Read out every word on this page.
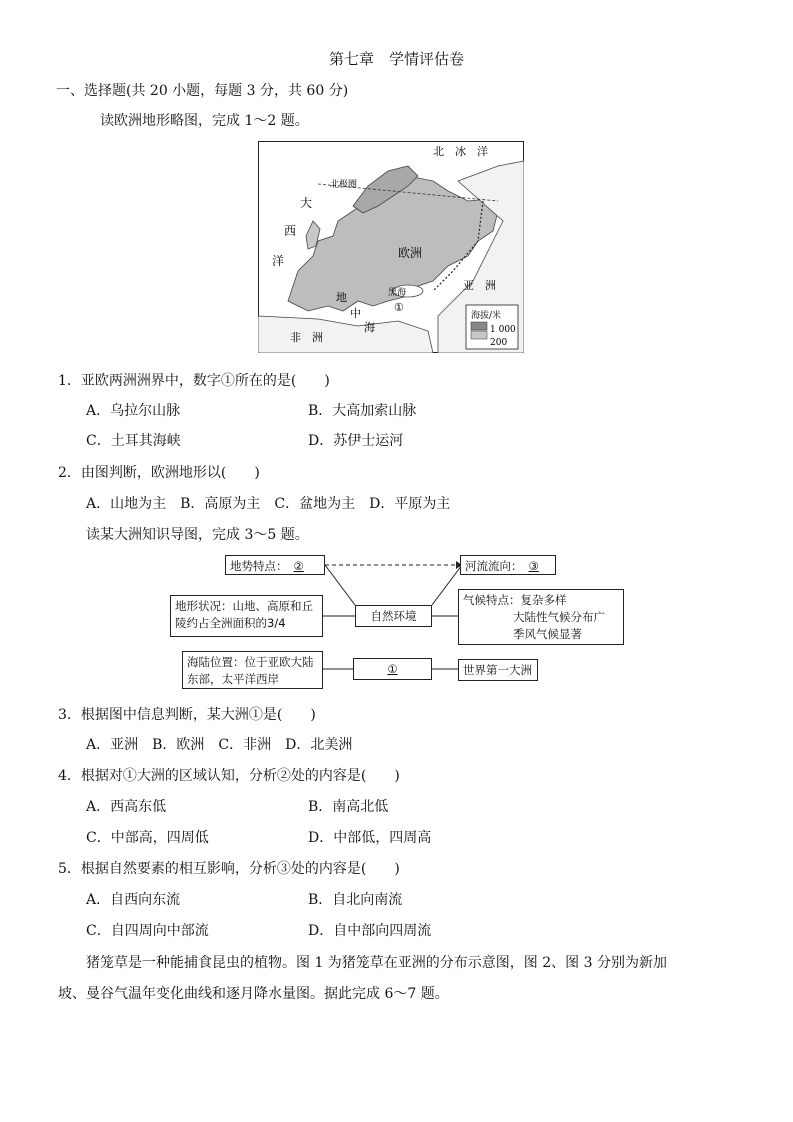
第七章　学情评估卷
一、选择题(共 20 小题，每题 3 分，共 60 分)
读欧洲地形略图，完成 1～2 题。
北　冰　洋
北极圈
大
西
洋
欧洲
亚　洲
黑海
地
中
海
非　洲
①
海拔/米
1 000
200
1．亚欧两洲洲界中，数字①所在的是(　　)
A．乌拉尔山脉	B．大高加索山脉
C．土耳其海峡	D．苏伊士运河
2．由图判断，欧洲地形以(　　)
A．山地为主　B．高原为主　C．盆地为主　D．平原为主
读某大洲知识导图，完成 3～5 题。
地势特点： ②	河流流向： ③
地形状况：山地、高原和丘陵约占全洲面积的3/4	自然环境
气候特点：复杂多样
大陆性气候分布广
季风气候显著
海陆位置：位于亚欧大陆东部，太平洋西岸
①	世界第一大洲
3．根据图中信息判断，某大洲①是(　　)
A．亚洲　B．欧洲　C．非洲　D．北美洲
4．根据对①大洲的区域认知，分析②处的内容是(　　)
A．西高东低	B．南高北低
C．中部高，四周低	D．中部低，四周高
5．根据自然要素的相互影响，分析③处的内容是(　　)
A．自西向东流	B．自北向南流
C．自四周向中部流	D．自中部向四周流
猪笼草是一种能捕食昆虫的植物。图 1 为猪笼草在亚洲的分布示意图，图 2、图 3 分别为新加
坡、曼谷气温年变化曲线和逐月降水量图。据此完成 6～7 题。
